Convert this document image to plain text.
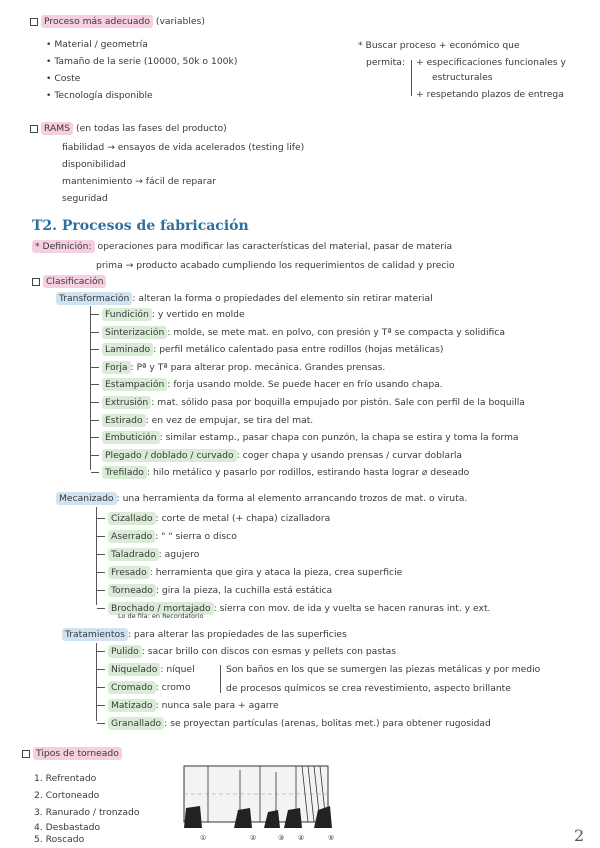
Proceso más adecuado (variables)
• Material / geometría
• Tamaño de la serie (10000, 50k o 100k)
• Coste
• Tecnología disponible
* Buscar proceso + económico que
permita: + especificaciones funcionales y
estructurales
+ respetando plazos de entrega
RAMS (en todas las fases del producto)
fiabilidad → ensayos de vida acelerados (testing life)
disponibilidad
mantenimiento → fácil de reparar
seguridad
T2. Procesos de fabricación
* Definición: operaciones para modificar las características del material, pasar de materia
prima → producto acabado cumpliendo los requerimientos de calidad y precio
Clasificación
Transformación : alteran la forma o propiedades del elemento sin retirar material
Fundición : y vertido en molde
Sinterización : molde, se mete mat. en polvo, con presión y Tª se compacta y solidifica
Laminado : perfil metálico calentado pasa entre rodillos (hojas metálicas)
Forja : Pª y Tª para alterar prop. mecánica. Grandes prensas.
Estampación : forja usando molde. Se puede hacer en frío usando chapa.
Extrusión : mat. sólido pasa por boquilla empujado por pistón. Sale con perfil de la boquilla
Estirado : en vez de empujar, se tira del mat.
Embutición : similar estamp., pasar chapa con punzón, la chapa se estira y toma la forma
Plegado / doblado / curvado : coger chapa y usando prensas / curvar doblarla
Trefilado : hilo metálico y pasarlo por rodillos, estirando hasta lograr ⌀ deseado
Mecanizado : una herramienta da forma al elemento arrancando trozos de mat. o viruta.
Cizallado : corte de metal (+ chapa) cizalladora
Aserrado : " " sierra o disco
Taladrado : agujero
Fresado : herramienta que gira y ataca la pieza, crea superficie
Torneado : gira la pieza, la cuchilla está estática
Brochado / mortajado : sierra con mov. de ida y vuelta se hacen ranuras int. y ext.
Lo de fila: en Recordatorio
Tratamientos : para alterar las propiedades de las superficies
Pulido : sacar brillo con discos con esmas y pellets con pastas
Niquelado : níquel
Cromado : cromo
Matizado : nunca sale para + agarre
Granallado : se proyectan partículas (arenas, bolitas met.) para obtener rugosidad
Son baños en los que se sumergen las piezas metálicas y por medio
de procesos químicos se crea revestimiento, aspecto brillante
Tipos de torneado
1. Refrentado
2. Cortoneado
3. Ranurado / tronzado
4. Desbastado
5. Roscado	①	②	③ ④	⑤	2
